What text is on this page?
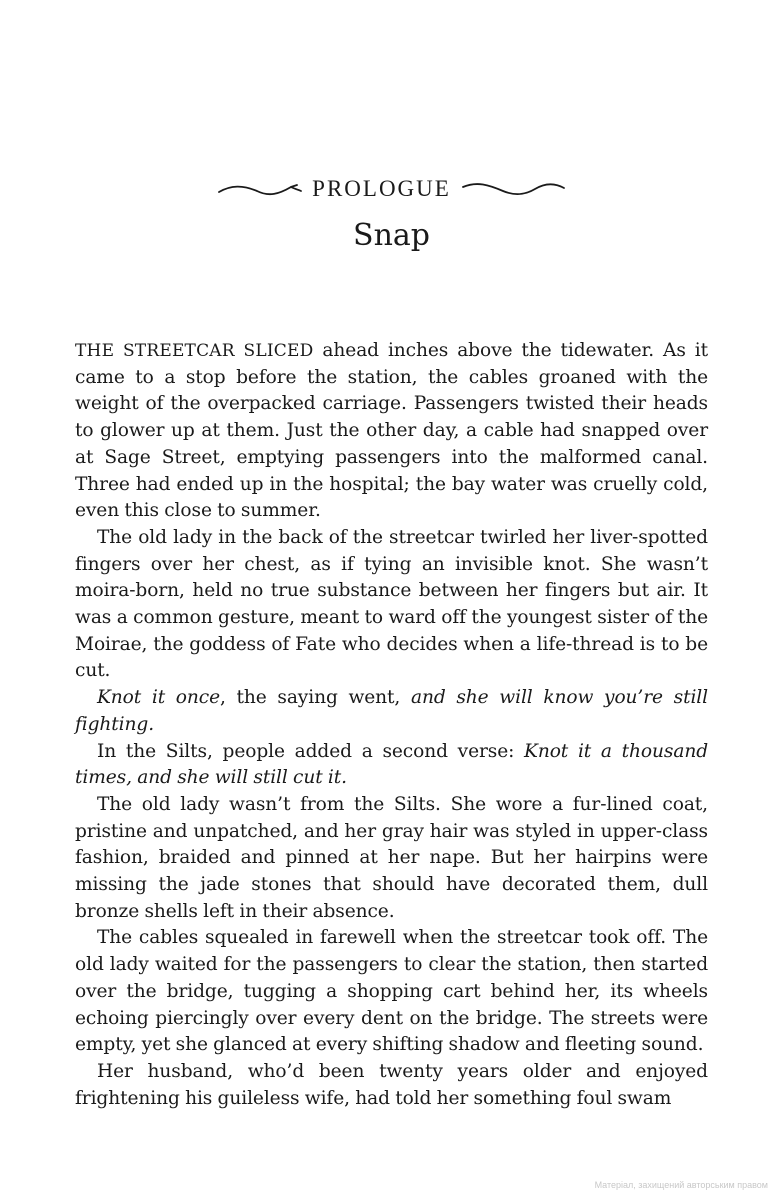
PROLOGUE
Snap

THE STREETCAR SLICED ahead inches above the tidewater. As it came to a stop before the station, the cables groaned with the weight of the overpacked carriage. Passengers twisted their heads to glower up at them. Just the other day, a cable had snapped over at Sage Street, emptying passengers into the malformed canal. Three had ended up in the hospital; the bay water was cruelly cold, even this close to summer.

The old lady in the back of the streetcar twirled her liver-spotted fingers over her chest, as if tying an invisible knot. She wasn’t moira-born, held no true substance between her fingers but air. It was a common gesture, meant to ward off the youngest sister of the Moirae, the goddess of Fate who decides when a life-thread is to be cut.

Knot it once, the saying went, and she will know you’re still fighting.

In the Silts, people added a second verse: Knot it a thousand times, and she will still cut it.

The old lady wasn’t from the Silts. She wore a fur-lined coat, pristine and unpatched, and her gray hair was styled in upper-class fashion, braided and pinned at her nape. But her hairpins were missing the jade stones that should have decorated them, dull bronze shells left in their absence.

The cables squealed in farewell when the streetcar took off. The old lady waited for the passengers to clear the station, then started over the bridge, tugging a shopping cart behind her, its wheels echoing piercingly over every dent on the bridge. The streets were empty, yet she glanced at every shifting shadow and fleeting sound.

Her husband, who’d been twenty years older and enjoyed frightening his guileless wife, had told her something foul swam

Матеріал, захищений авторським правом
